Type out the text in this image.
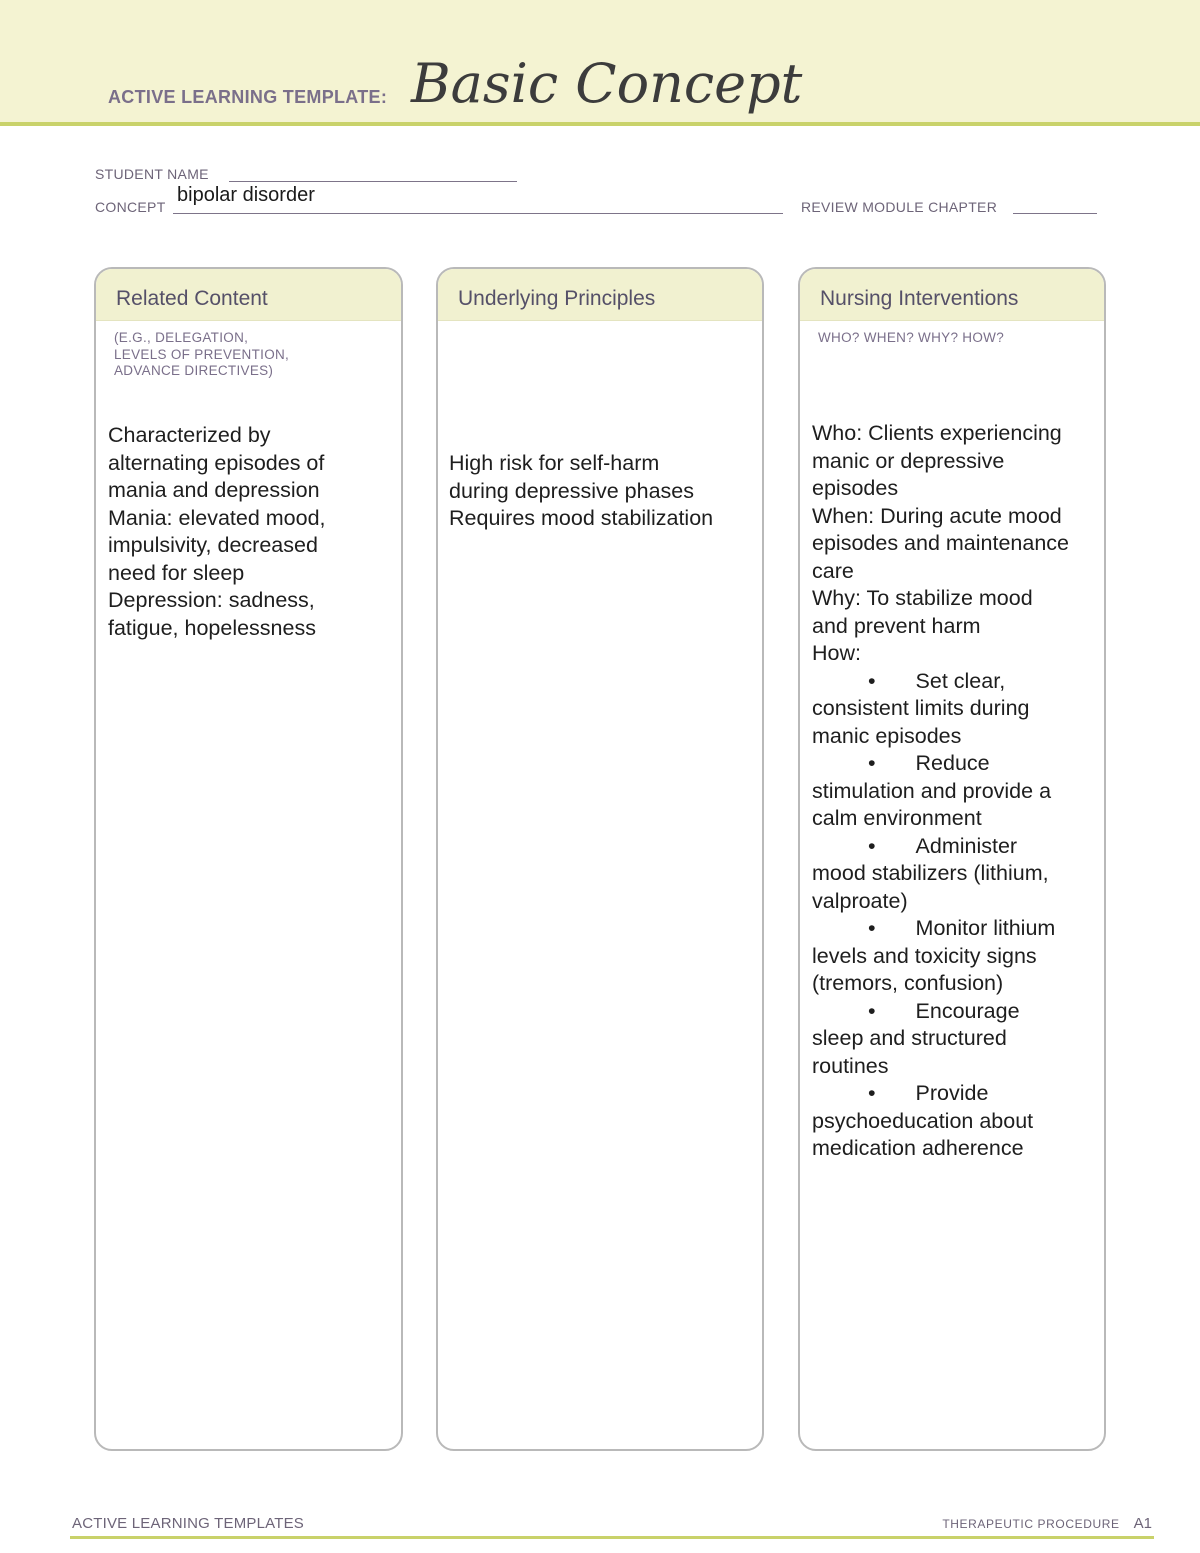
ACTIVE LEARNING TEMPLATE: Basic Concept
STUDENT NAME
CONCEPT
bipolar disorder
REVIEW MODULE CHAPTER
Related Content
(E.G., DELEGATION,
LEVELS OF PREVENTION,
ADVANCE DIRECTIVES)
Characterized by
alternating episodes of
mania and depression
Mania: elevated mood,
impulsivity, decreased
need for sleep
Depression: sadness,
fatigue, hopelessness
Underlying Principles
High risk for self-harm
during depressive phases
Requires mood stabilization
Nursing Interventions
WHO? WHEN? WHY? HOW?
Who: Clients experiencing
manic or depressive
episodes
When: During acute mood
episodes and maintenance
care
Why: To stabilize mood
and prevent harm
How:
• Set clear,
consistent limits during
manic episodes
• Reduce
stimulation and provide a
calm environment
• Administer
mood stabilizers (lithium,
valproate)
• Monitor lithium
levels and toxicity signs
(tremors, confusion)
• Encourage
sleep and structured
routines
• Provide
psychoeducation about
medication adherence
ACTIVE LEARNING TEMPLATES	THERAPEUTIC PROCEDURE A1
